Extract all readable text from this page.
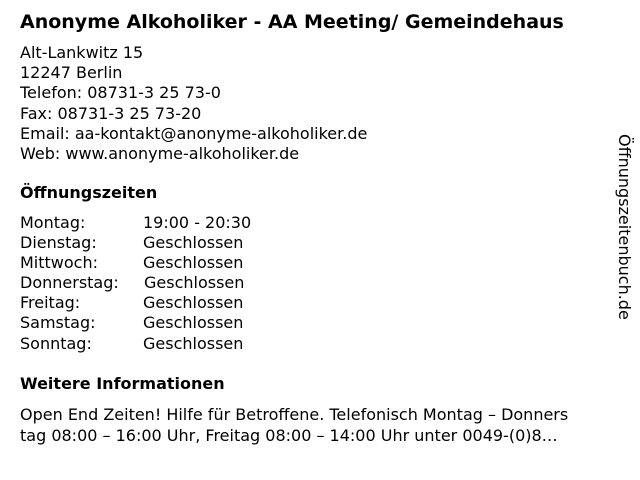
Anonyme Alkoholiker - AA Meeting/ Gemeindehaus
Alt-Lankwitz 15
12247 Berlin
Telefon: 08731-3 25 73-0
Fax: 08731-3 25 73-20
Email: aa-kontakt@anonyme-alkoholiker.de
Web: www.anonyme-alkoholiker.de
Öffnungszeiten
Montag:	19:00 - 20:30
Dienstag:	Geschlossen
Mittwoch:	Geschlossen
Donnerstag: Geschlossen
Freitag:	Geschlossen
Samstag:	Geschlossen
Sonntag:	Geschlossen
Weitere Informationen
Open End Zeiten! Hilfe für Betroffene. Telefonisch Montag – Donners
tag 08:00 – 16:00 Uhr, Freitag 08:00 – 14:00 Uhr unter 0049-(0)8…
Öffnungszeitenbuch.de
